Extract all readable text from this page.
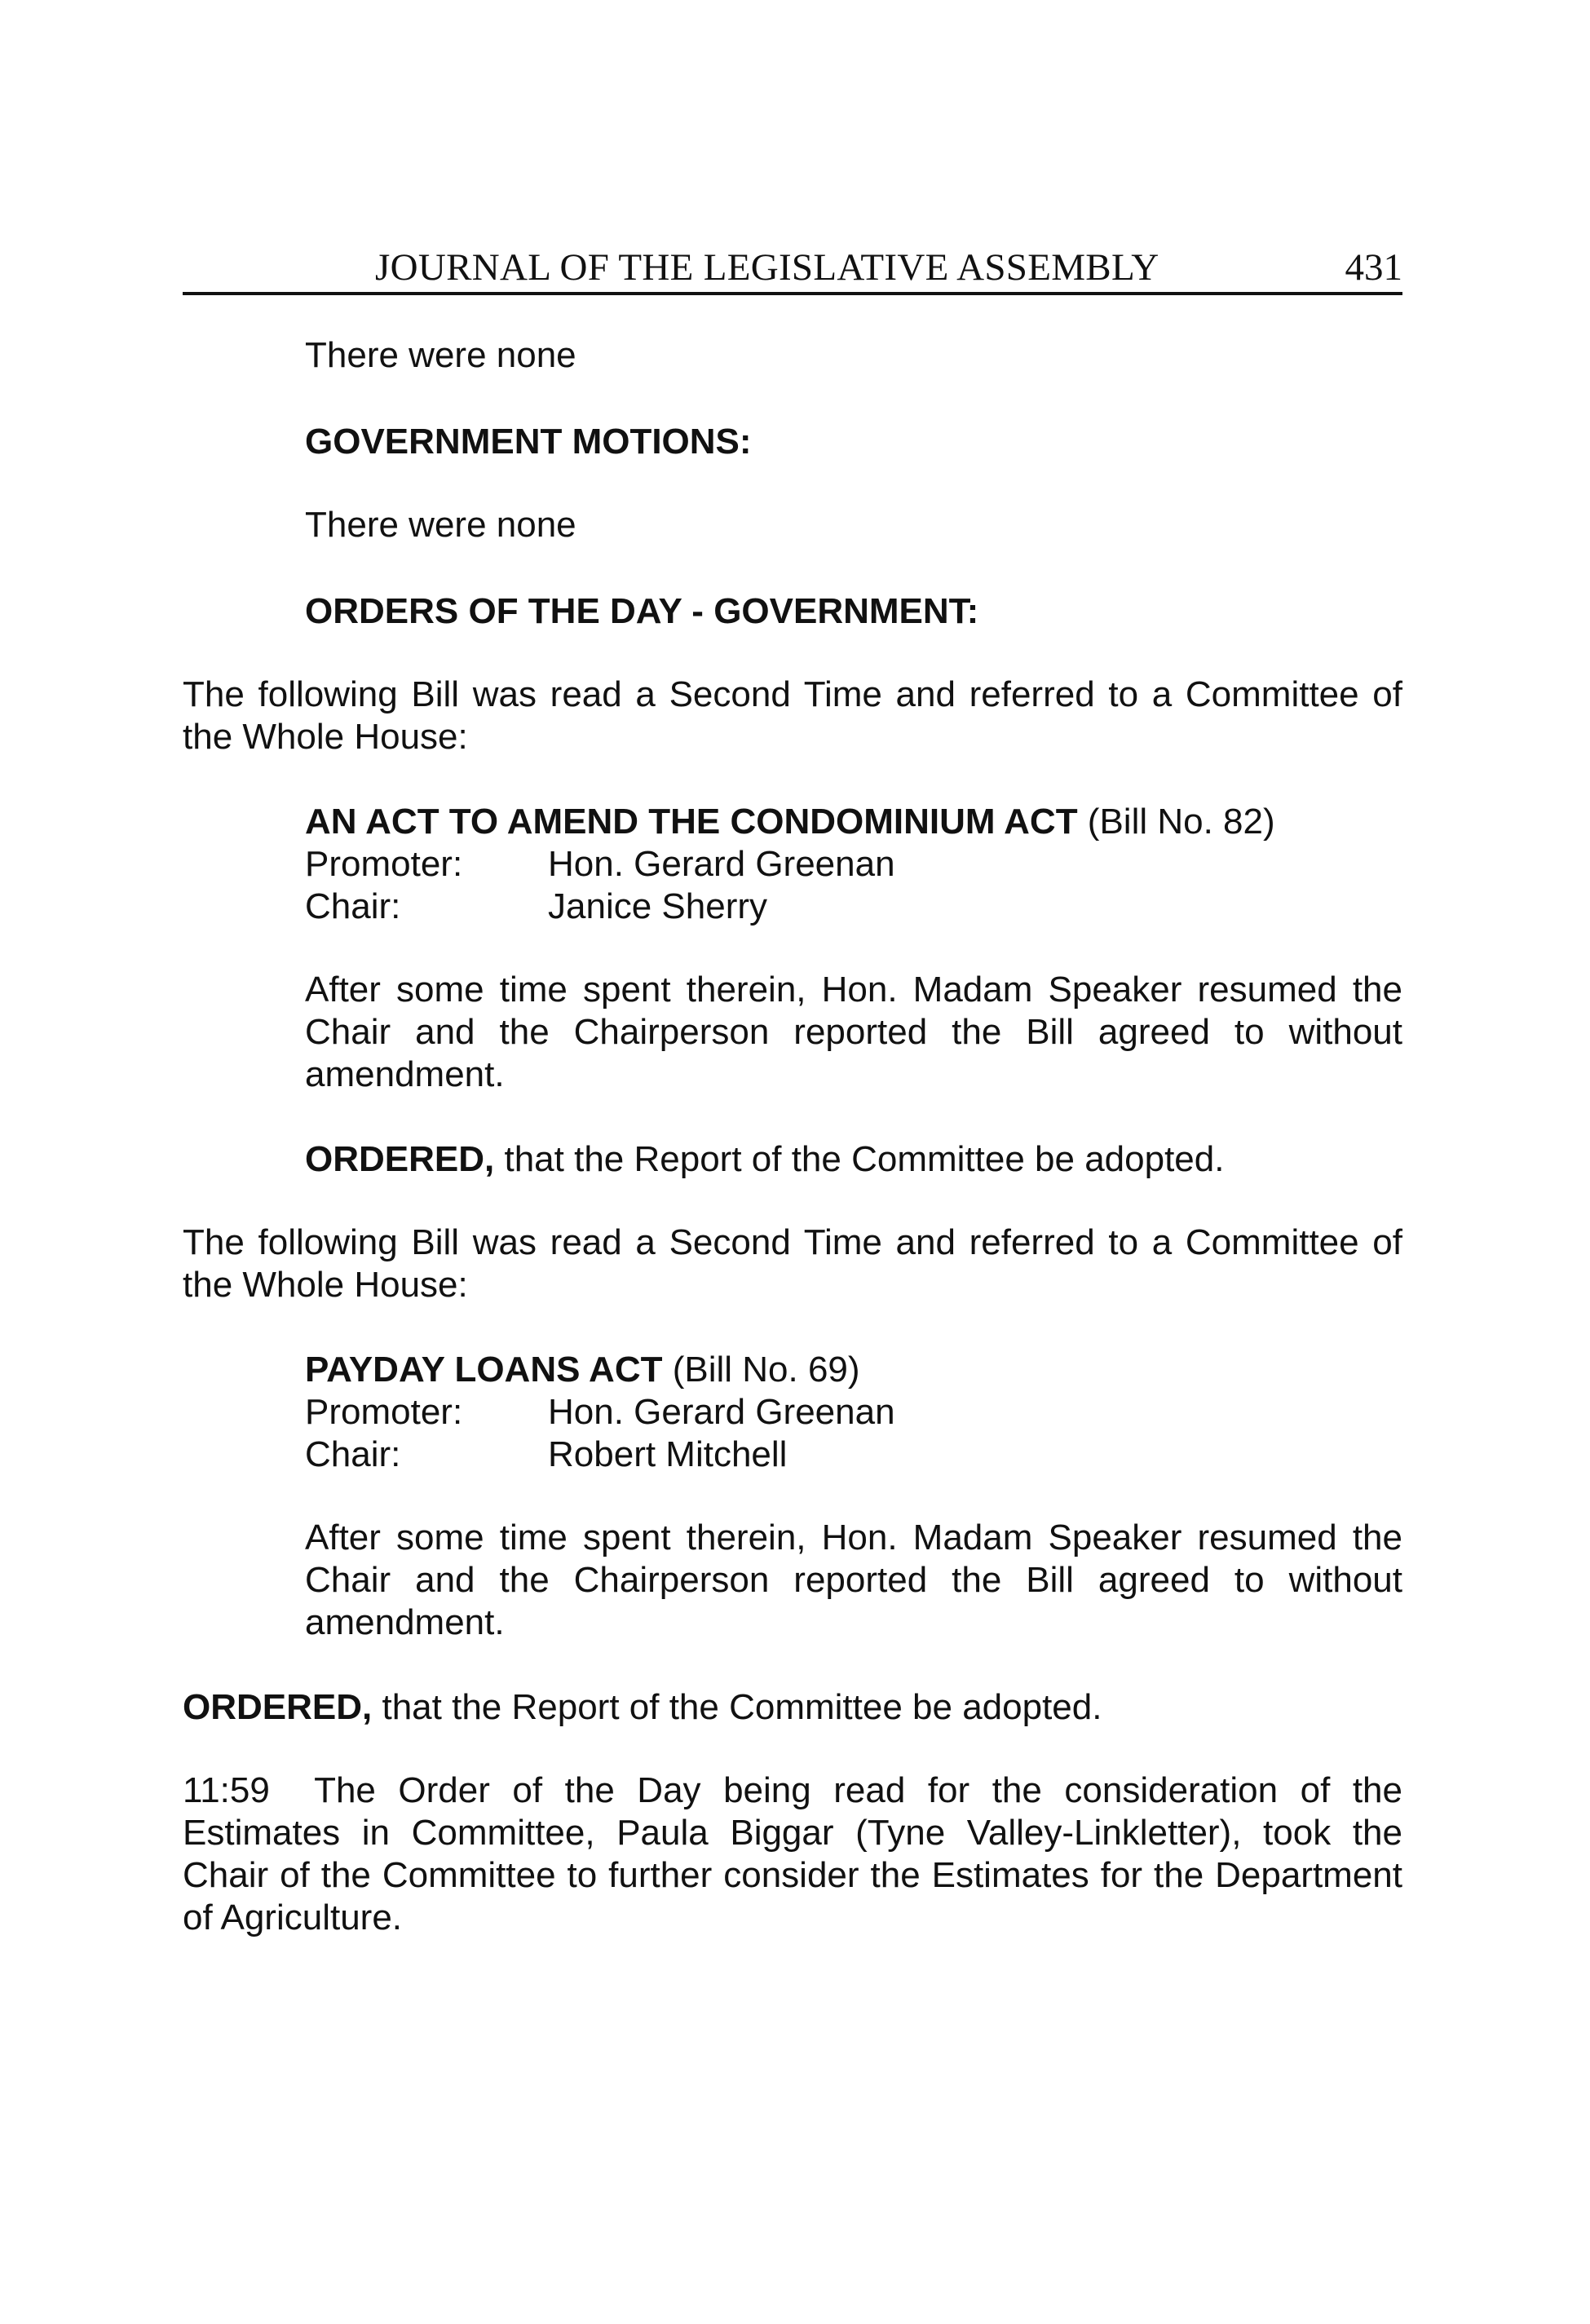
JOURNAL OF THE LEGISLATIVE ASSEMBLY	431

There were none

GOVERNMENT MOTIONS:

There were none

ORDERS OF THE DAY - GOVERNMENT:

The following Bill was read a Second Time and referred to a Committee of the Whole House:

AN ACT TO AMEND THE CONDOMINIUM ACT (Bill No. 82)

Promoter: Hon. Gerard Greenan
Chair:	Janice Sherry

After some time spent therein, Hon. Madam Speaker resumed the Chair and the Chairperson reported the Bill agreed to without amendment.

ORDERED, that the Report of the Committee be adopted.

The following Bill was read a Second Time and referred to a Committee of the Whole House:

PAYDAY LOANS ACT (Bill No. 69)

Promoter: Hon. Gerard Greenan
Chair:	Robert Mitchell

After some time spent therein, Hon. Madam Speaker resumed the Chair and the Chairperson reported the Bill agreed to without amendment.

ORDERED, that the Report of the Committee be adopted.

11:59  The Order of the Day being read for the consideration of the Estimates in Committee, Paula Biggar (Tyne Valley-Linkletter), took the Chair of the Committee to further consider the Estimates for the Department of Agriculture.
